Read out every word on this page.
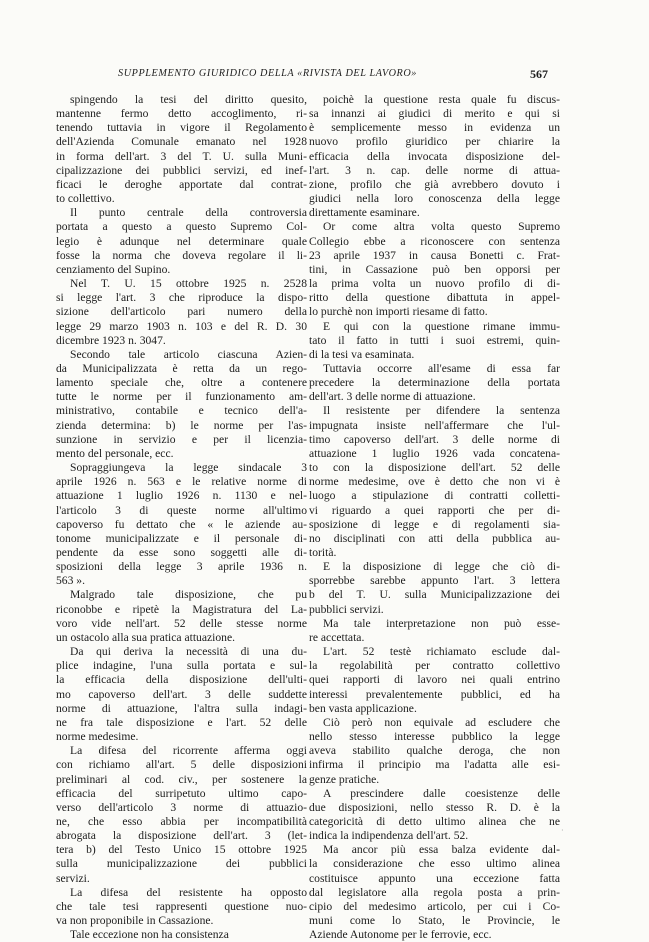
SUPPLEMENTO GIURIDICO DELLA «RIVISTA DEL LAVORO»	567

spingendo la tesi del diritto quesito,
mantenne fermo detto accoglimento, ri-
tenendo tuttavia in vigore il Regolamento
dell'Azienda Comunale emanato nel 1928
in forma dell'art. 3 del T. U. sulla Muni-
cipalizzazione dei pubblici servizi, ed inef-
ficaci le deroghe apportate dal contrat-
to collettivo.

Il punto centrale della controversia
portata a questo a questo Supremo Col-
legio è adunque nel determinare quale
fosse la norma che doveva regolare il li-
cenziamento del Supino.

Nel T. U. 15 ottobre 1925 n. 2528
si legge l'art. 3 che riproduce la dispo-
sizione dell'articolo pari numero della
legge 29 marzo 1903 n. 103 e del R. D. 30
dicembre 1923 n. 3047.

Secondo tale articolo ciascuna Azien-
da Municipalizzata è retta da un rego-
lamento speciale che, oltre a contenere
tutte le norme per il funzionamento am-
ministrativo, contabile e tecnico dell'a-
zienda determina: b) le norme per l'as-
sunzione in servizio e per il licenzia-
mento del personale, ecc.

Sopraggiungeva la legge sindacale 3
aprile 1926 n. 563 e le relative norme di
attuazione 1 luglio 1926 n. 1130 e nel-
l'articolo 3 di queste norme all'ultimo
capoverso fu dettato che « le aziende au-
tonome municipalizzate e il personale di-
pendente da esse sono soggetti alle di-
sposizioni della legge 3 aprile 1936 n.
563 ».

Malgrado tale disposizione, che pu
riconobbe e ripetè la Magistratura del La-
voro vide nell'art. 52 delle stesse norme
un ostacolo alla sua pratica attuazione.

Da qui deriva la necessità di una du-
plice indagine, l'una sulla portata e sul-
la efficacia della disposizione dell'ulti-
mo capoverso dell'art. 3 delle suddette
norme di attuazione, l'altra sulla indagi-
ne fra tale disposizione e l'art. 52 delle
norme medesime.

La difesa del ricorrente afferma oggi
con richiamo all'art. 5 delle disposizioni
preliminari al cod. civ., per sostenere la
efficacia del surripetuto ultimo capo-
verso dell'articolo 3 norme di attuazio-
ne, che esso abbia per incompatibilità
abrogata la disposizione dell'art. 3 (let-
tera b) del Testo Unico 15 ottobre 1925
sulla municipalizzazione dei pubblici
servizi.

La difesa del resistente ha opposto
che tale tesi rappresenti questione nuo-
va non proponibile in Cassazione.

Tale eccezione non ha consistenza

poichè la questione resta quale fu discus-
sa innanzi ai giudici di merito e qui si
è semplicemente messo in evidenza un
nuovo profilo giuridico per chiarire la
efficacia della invocata disposizione del-
l'art. 3 n. cap. delle norme di attua-
zione, profilo che già avrebbero dovuto i
giudici nella loro conoscenza della legge
direttamente esaminare.

Or come altra volta questo Supremo
Collegio ebbe a riconoscere con sentenza
23 aprile 1937 in causa Bonetti c. Frat-
tini, in Cassazione può ben opporsi per
la prima volta un nuovo profilo di di-
ritto della questione dibattuta in appel-
lo purchè non importi riesame di fatto.

E qui con la questione rimane immu-
tato il fatto in tutti i suoi estremi, quin-
di la tesi va esaminata.

Tuttavia occorre all'esame di essa far
precedere la determinazione della portata
dell'art. 3 delle norme di attuazione.

Il resistente per difendere la sentenza
impugnata insiste nell'affermare che l'ul-
timo capoverso dell'art. 3 delle norme di
attuazione 1 luglio 1926 vada concatena-
to con la disposizione dell'art. 52 delle
norme medesime, ove è detto che non vi è
luogo a stipulazione di contratti colletti-
vi riguardo a quei rapporti che per di-
sposizione di legge e di regolamenti sia-
no disciplinati con atti della pubblica au-
torità.

E la disposizione di legge che ciò di-
sporrebbe sarebbe appunto l'art. 3 lettera
b del T. U. sulla Municipalizzazione dei
pubblici servizi.

Ma tale interpretazione non può esse-
re accettata.

L'art. 52 testè richiamato esclude dal-
la regolabilità per contratto collettivo
quei rapporti di lavoro nei quali entrino
interessi prevalentemente pubblici, ed ha
ben vasta applicazione.

Ciò però non equivale ad escludere che
nello stesso interesse pubblico la legge
aveva stabilito qualche deroga, che non
infirma il principio ma l'adatta alle esi-
genze pratiche.

A prescindere dalle coesistenze delle
due disposizioni, nello stesso R. D. è la
categoricità di detto ultimo alinea che ne
indica la indipendenza dell'art. 52.

Ma ancor più essa balza evidente dal-
la considerazione che esso ultimo alinea
costituisce appunto una eccezione fatta
dal legislatore alla regola posta a prin-
cipio del medesimo articolo, per cui i Co-
muni come lo Stato, le Provincie, le
Aziende Autonome per le ferrovie, ecc.

·
